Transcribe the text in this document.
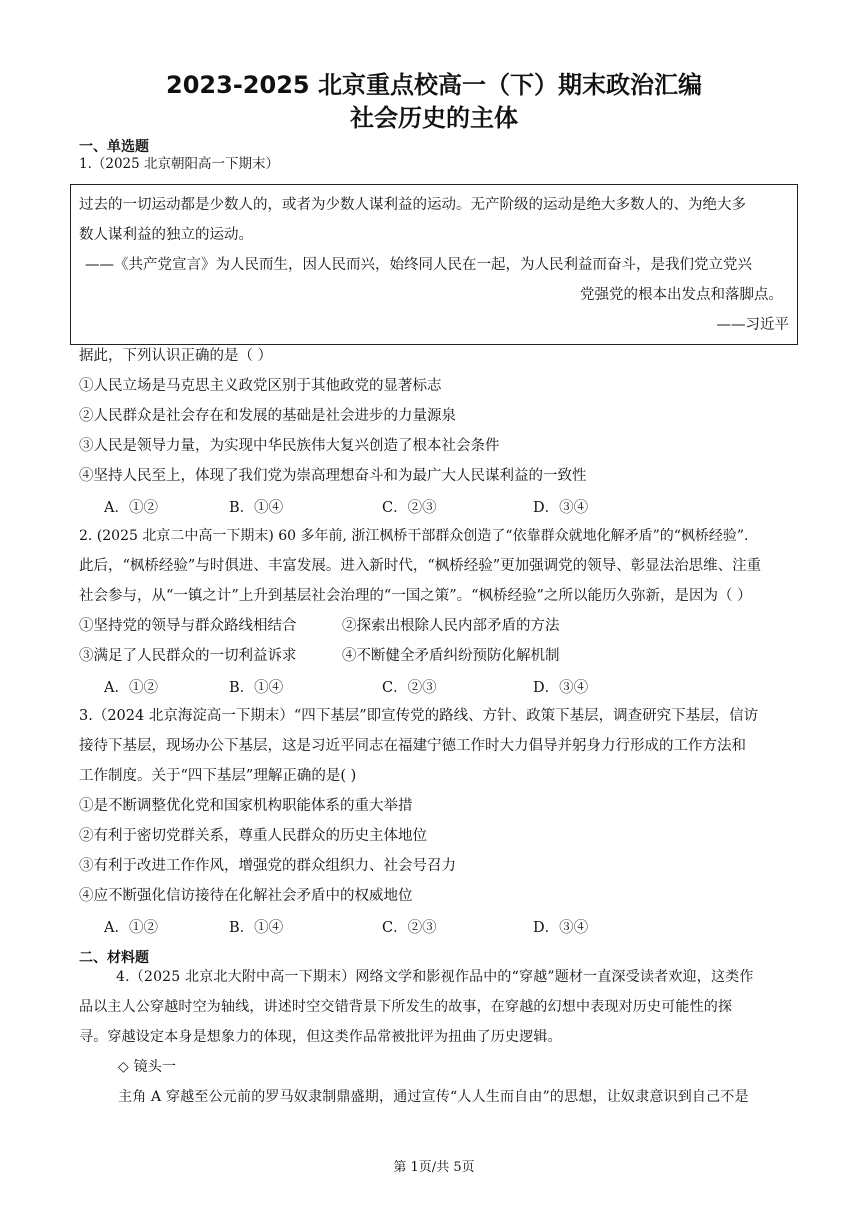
2023-2025 北京重点校高一（下）期末政治汇编
社会历史的主体
一、单选题
1.（2025 北京朝阳高一下期末）
过去的一切运动都是少数人的，或者为少数人谋利益的运动。无产阶级的运动是绝大多数人的、为绝大多
数人谋利益的独立的运动。
——《共产党宣言》为人民而生，因人民而兴，始终同人民在一起，为人民利益而奋斗，是我们党立党兴
党强党的根本出发点和落脚点。
——习近平
据此，下列认识正确的是（ ）
①人民立场是马克思主义政党区别于其他政党的显著标志
②人民群众是社会存在和发展的基础是社会进步的力量源泉
③人民是领导力量，为实现中华民族伟大复兴创造了根本社会条件
④坚持人民至上，体现了我们党为崇高理想奋斗和为最广大人民谋利益的一致性
A．①②	B．①④	C．②③	D．③④
2. (2025 北京二中高一下期末) 60 多年前, 浙江枫桥干部群众创造了“依靠群众就地化解矛盾”的“枫桥经验”.
此后，“枫桥经验”与时俱进、丰富发展。进入新时代，“枫桥经验”更加强调党的领导、彰显法治思维、注重
社会参与，从“一镇之计”上升到基层社会治理的“一国之策”。“枫桥经验”之所以能历久弥新，是因为（ ）
①坚持党的领导与群众路线相结合	②探索出根除人民内部矛盾的方法
③满足了人民群众的一切利益诉求	④不断健全矛盾纠纷预防化解机制
A．①②	B．①④	C．②③	D．③④
3.（2024 北京海淀高一下期末）“四下基层”即宣传党的路线、方针、政策下基层，调查研究下基层，信访
接待下基层，现场办公下基层，这是习近平同志在福建宁德工作时大力倡导并躬身力行形成的工作方法和
工作制度。关于“四下基层”理解正确的是( )
①是不断调整优化党和国家机构职能体系的重大举措
②有利于密切党群关系，尊重人民群众的历史主体地位
③有利于改进工作作风，增强党的群众组织力、社会号召力
④应不断强化信访接待在化解社会矛盾中的权威地位
A．①②	B．①④	C．②③	D．③④
二、材料题
4.（2025 北京北大附中高一下期末）网络文学和影视作品中的“穿越”题材一直深受读者欢迎，这类作
品以主人公穿越时空为轴线，讲述时空交错背景下所发生的故事，在穿越的幻想中表现对历史可能性的探
寻。穿越设定本身是想象力的体现，但这类作品常被批评为扭曲了历史逻辑。
◇ 镜头一
主角 A 穿越至公元前的罗马奴隶制鼎盛期，通过宣传“人人生而自由”的思想，让奴隶意识到自己不是
第 1页/共 5页
